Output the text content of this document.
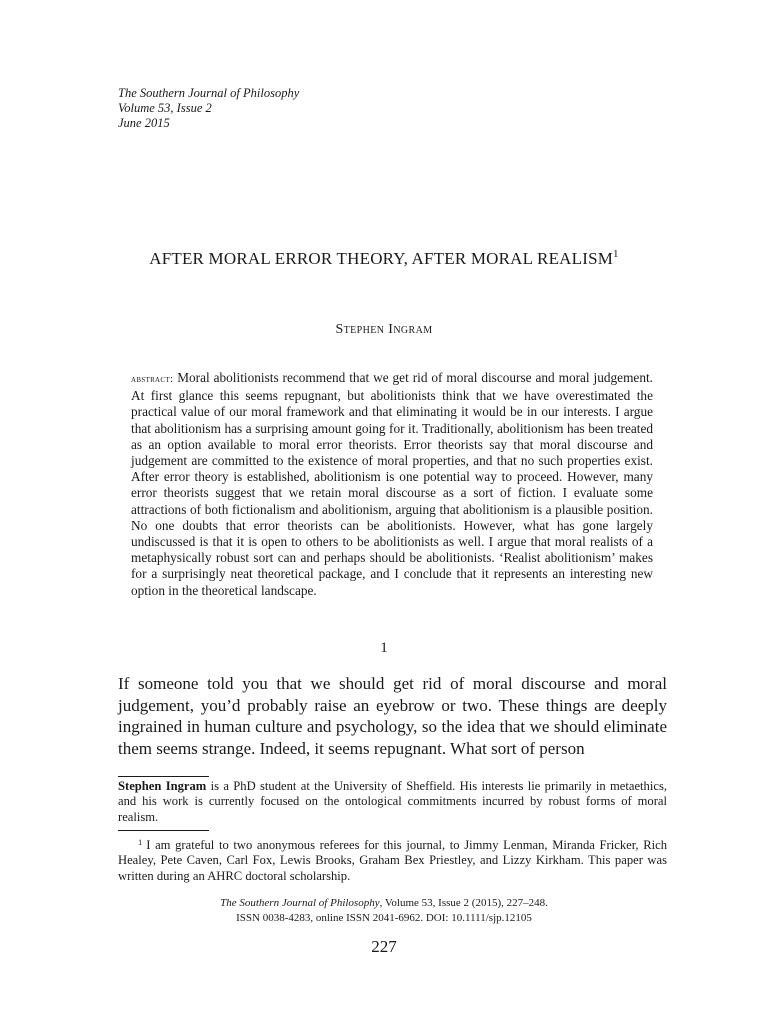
The Southern Journal of Philosophy
Volume 53, Issue 2
June 2015
AFTER MORAL ERROR THEORY, AFTER MORAL REALISM$^1$
Stephen Ingram
abstract: Moral abolitionists recommend that we get rid of moral discourse and moral judgement. At first glance this seems repugnant, but abolitionists think that we have overestimated the practical value of our moral framework and that eliminating it would be in our interests. I argue that abolitionism has a surprising amount going for it. Traditionally, abolitionism has been treated as an option available to moral error theorists. Error theorists say that moral discourse and judgement are committed to the existence of moral properties, and that no such properties exist. After error theory is established, abolitionism is one potential way to proceed. However, many error theorists suggest that we retain moral discourse as a sort of fiction. I evaluate some attractions of both fictionalism and abolitionism, arguing that abolitionism is a plausible position. No one doubts that error theorists can be abolitionists. However, what has gone largely undiscussed is that it is open to others to be abolitionists as well. I argue that moral realists of a metaphysically robust sort can and perhaps should be abolitionists. ‘Realist abolitionism’ makes for a surprisingly neat theoretical package, and I conclude that it represents an interesting new option in the theoretical landscape.
1
If someone told you that we should get rid of moral discourse and moral judgement, you’d probably raise an eyebrow or two. These things are deeply ingrained in human culture and psychology, so the idea that we should eliminate them seems strange. Indeed, it seems repugnant. What sort of person
Stephen Ingram is a PhD student at the University of Sheffield. His interests lie primarily in metaethics, and his work is currently focused on the ontological commitments incurred by robust forms of moral realism.
$^1$ I am grateful to two anonymous referees for this journal, to Jimmy Lenman, Miranda Fricker, Rich Healey, Pete Caven, Carl Fox, Lewis Brooks, Graham Bex Priestley, and Lizzy Kirkham. This paper was written during an AHRC doctoral scholarship.
The Southern Journal of Philosophy, Volume 53, Issue 2 (2015), 227–248.
ISSN 0038-4283, online ISSN 2041-6962. DOI: 10.1111/sjp.12105
227
